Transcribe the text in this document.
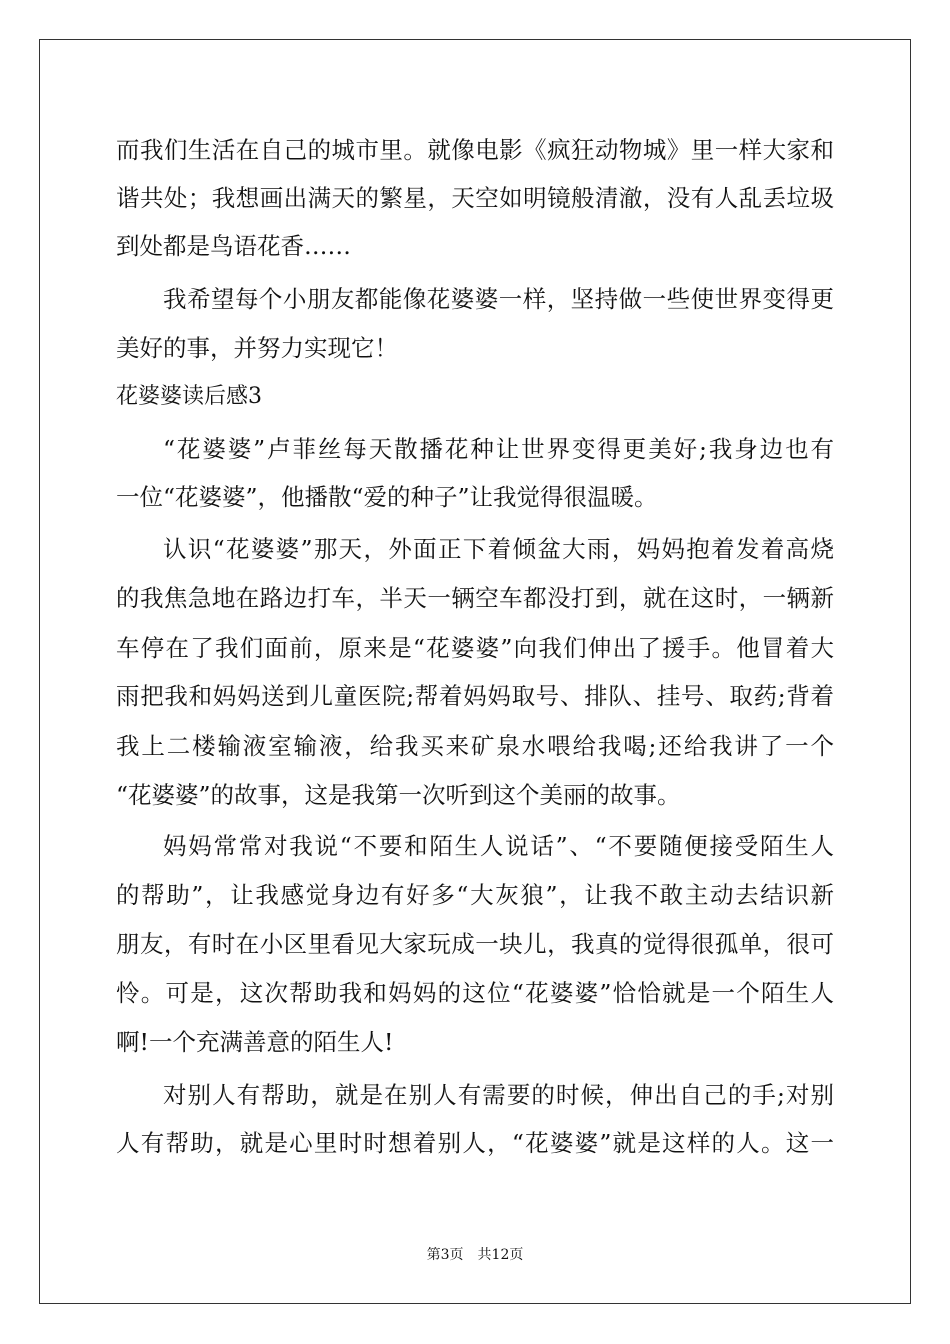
而我们生活在自己的城市里。就像电影《疯狂动物城》里一样大家和
谐共处；我想画出满天的繁星，天空如明镜般清澈，没有人乱丢垃圾
到处都是鸟语花香……
我希望每个小朋友都能像花婆婆一样，坚持做一些使世界变得更
美好的事，并努力实现它！
花婆婆读后感3
“花婆婆”卢菲丝每天散播花种让世界变得更美好;我身边也有
一位“花婆婆”，他播散“爱的种子”让我觉得很温暖。
认识“花婆婆”那天，外面正下着倾盆大雨，妈妈抱着发着高烧
的我焦急地在路边打车，半天一辆空车都没打到，就在这时，一辆新
车停在了我们面前，原来是“花婆婆”向我们伸出了援手。他冒着大
雨把我和妈妈送到儿童医院;帮着妈妈取号、排队、挂号、取药;背着
我上二楼输液室输液，给我买来矿泉水喂给我喝;还给我讲了一个
“花婆婆”的故事，这是我第一次听到这个美丽的故事。
妈妈常常对我说“不要和陌生人说话”、“不要随便接受陌生人
的帮助”，让我感觉身边有好多“大灰狼”，让我不敢主动去结识新
朋友，有时在小区里看见大家玩成一块儿，我真的觉得很孤单，很可
怜。可是，这次帮助我和妈妈的这位“花婆婆”恰恰就是一个陌生人
啊!一个充满善意的陌生人!
对别人有帮助，就是在别人有需要的时候，伸出自己的手;对别
人有帮助，就是心里时时想着别人，“花婆婆”就是这样的人。这一
第3页　共12页
